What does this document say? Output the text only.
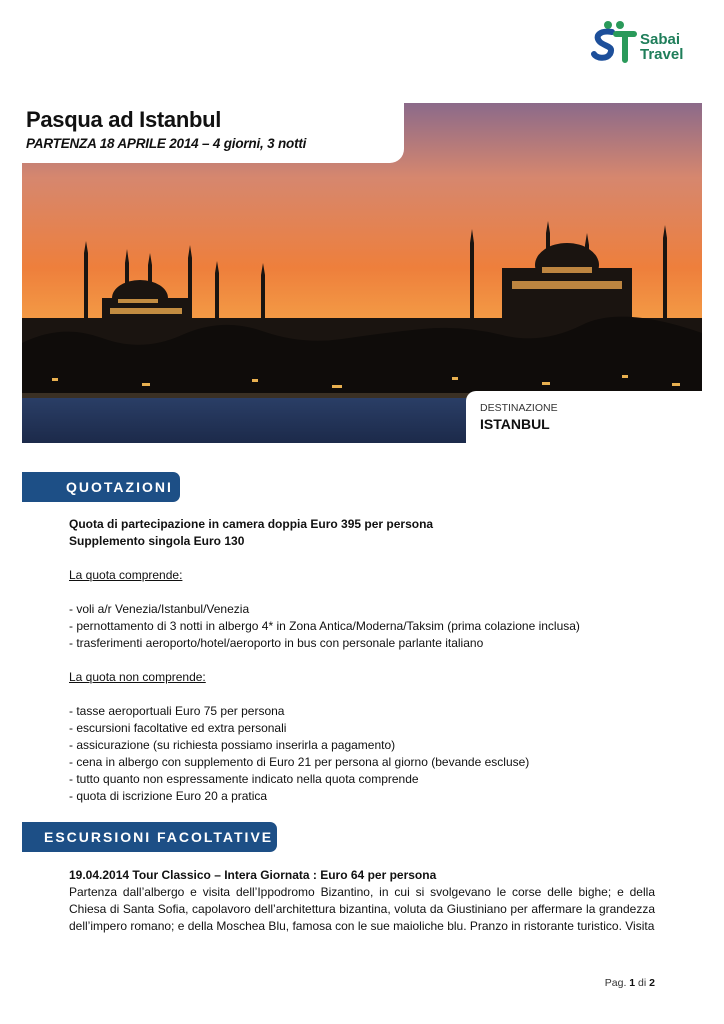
Sabai
Travel
Pasqua ad Istanbul
PARTENZA 18 APRILE 2014 – 4 giorni, 3 notti
DESTINAZIONE
ISTANBUL
QUOTAZIONI
Quota di partecipazione in camera doppia Euro 395 per persona
Supplemento singola Euro 130
La quota comprende:
- voli a/r Venezia/Istanbul/Venezia
- pernottamento di 3 notti in albergo 4* in Zona Antica/Moderna/Taksim (prima colazione inclusa)
- trasferimenti aeroporto/hotel/aeroporto in bus con personale parlante italiano
La quota non comprende:
- tasse aeroportuali Euro 75 per persona
- escursioni facoltative ed extra personali
- assicurazione (su richiesta possiamo inserirla a pagamento)
- cena in albergo con supplemento di Euro 21 per persona al giorno (bevande escluse)
- tutto quanto non espressamente indicato nella quota comprende
- quota di iscrizione Euro 20 a pratica
ESCURSIONI FACOLTATIVE
19.04.2014 Tour Classico – Intera Giornata : Euro 64 per persona
Partenza dall’albergo e visita dell’Ippodromo Bizantino, in cui si svolgevano le corse delle bighe; e della Chiesa di Santa Sofia, capolavoro dell’architettura bizantina, voluta da Giustiniano per affermare la grandezza dell’impero romano; e della Moschea Blu, famosa con le sue maioliche blu. Pranzo in ristorante turistico. Visita
Pag. 1 di 2
